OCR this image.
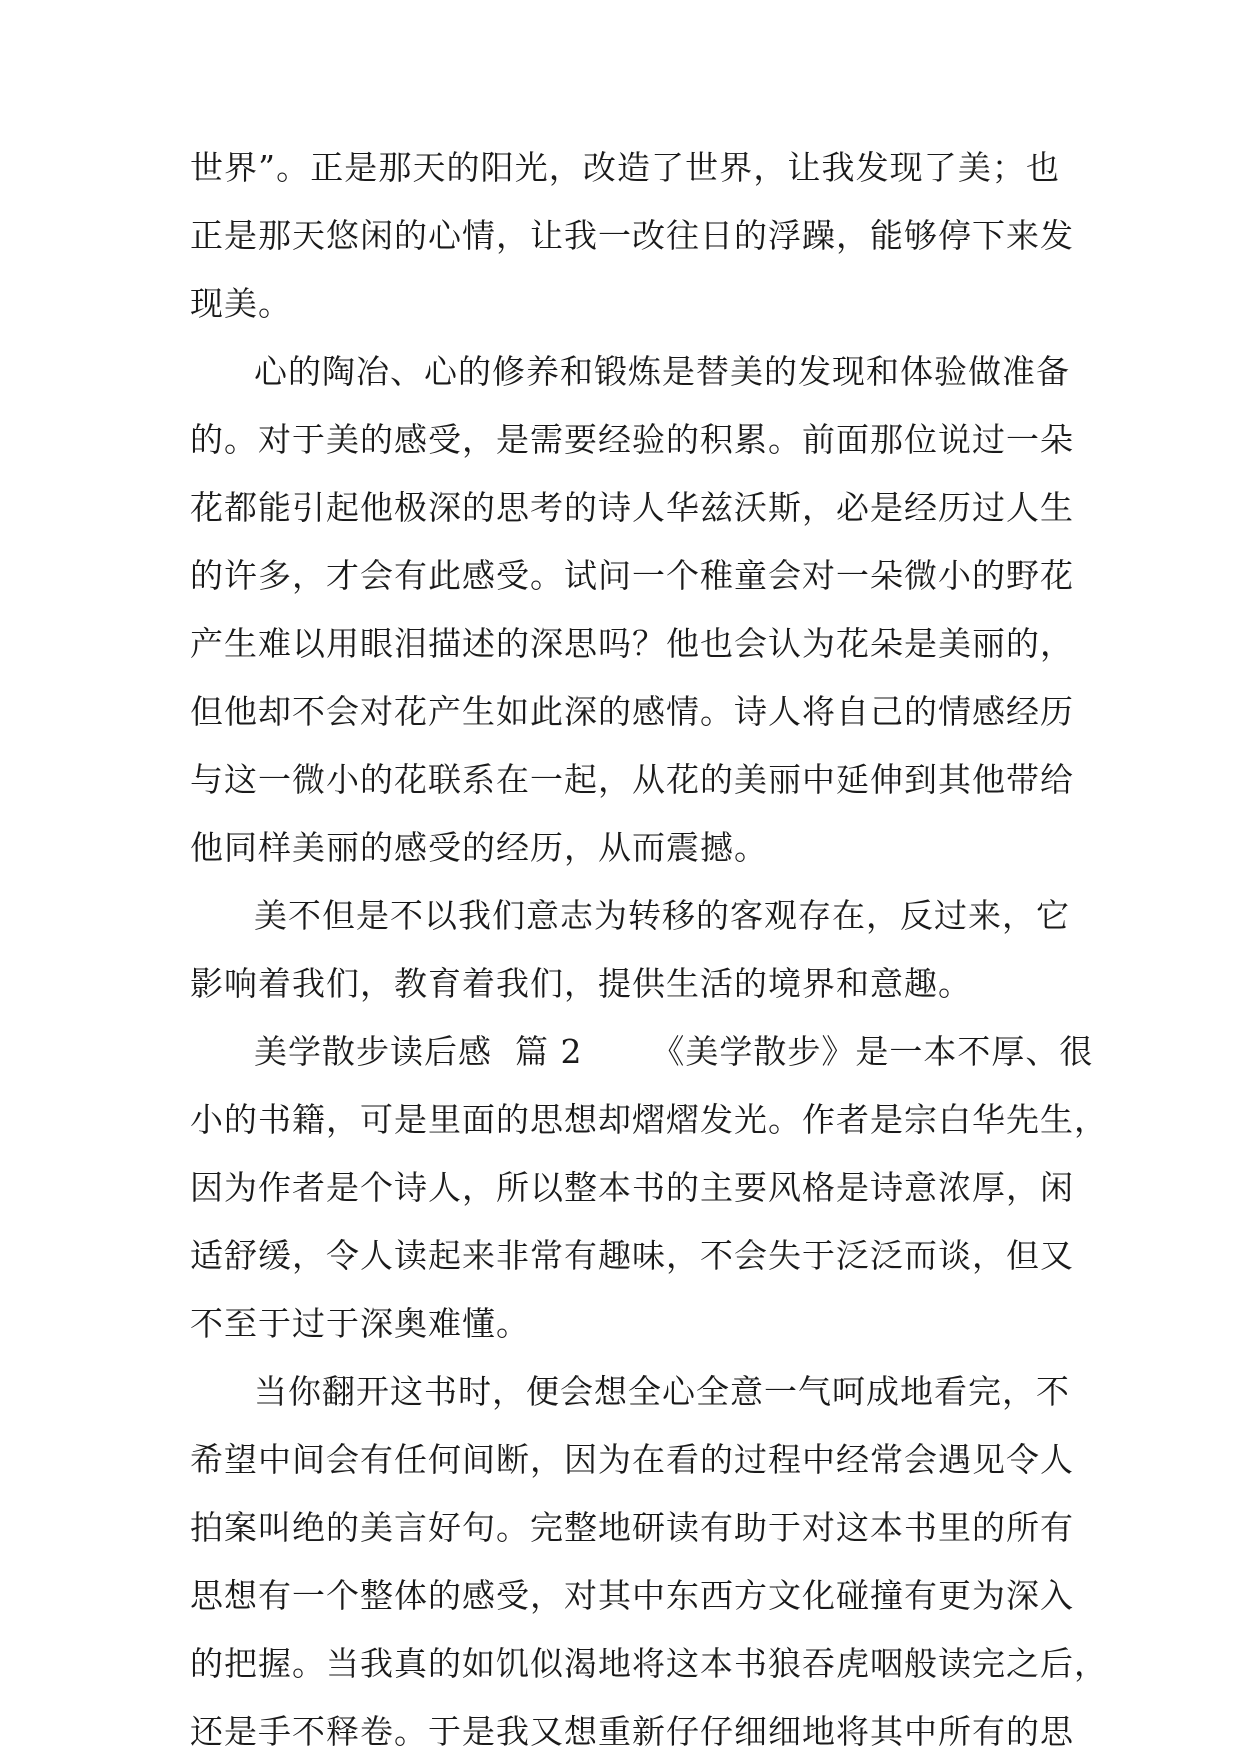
世界”。正是那天的阳光，改造了世界，让我发现了美；也
正是那天悠闲的心情，让我一改往日的浮躁，能够停下来发
现美。
心的陶冶、心的修养和锻炼是替美的发现和体验做准备
的。对于美的感受，是需要经验的积累。前面那位说过一朵
花都能引起他极深的思考的诗人华兹沃斯，必是经历过人生
的许多，才会有此感受。试问一个稚童会对一朵微小的野花
产生难以用眼泪描述的深思吗？他也会认为花朵是美丽的，
但他却不会对花产生如此深的感情。诗人将自己的情感经历
与这一微小的花联系在一起，从花的美丽中延伸到其他带给
他同样美丽的感受的经历，从而震撼。
美不但是不以我们意志为转移的客观存在，反过来，它
影响着我们，教育着我们，提供生活的境界和意趣。
美学散步读后感  篇 2      《美学散步》是一本不厚、很
小的书籍，可是里面的思想却熠熠发光。作者是宗白华先生，
因为作者是个诗人，所以整本书的主要风格是诗意浓厚，闲
适舒缓，令人读起来非常有趣味，不会失于泛泛而谈，但又
不至于过于深奥难懂。
当你翻开这书时，便会想全心全意一气呵成地看完，不
希望中间会有任何间断，因为在看的过程中经常会遇见令人
拍案叫绝的美言好句。完整地研读有助于对这本书里的所有
思想有一个整体的感受，对其中东西方文化碰撞有更为深入
的把握。当我真的如饥似渴地将这本书狼吞虎咽般读完之后，
还是手不释卷。于是我又想重新仔仔细细地将其中所有的思
